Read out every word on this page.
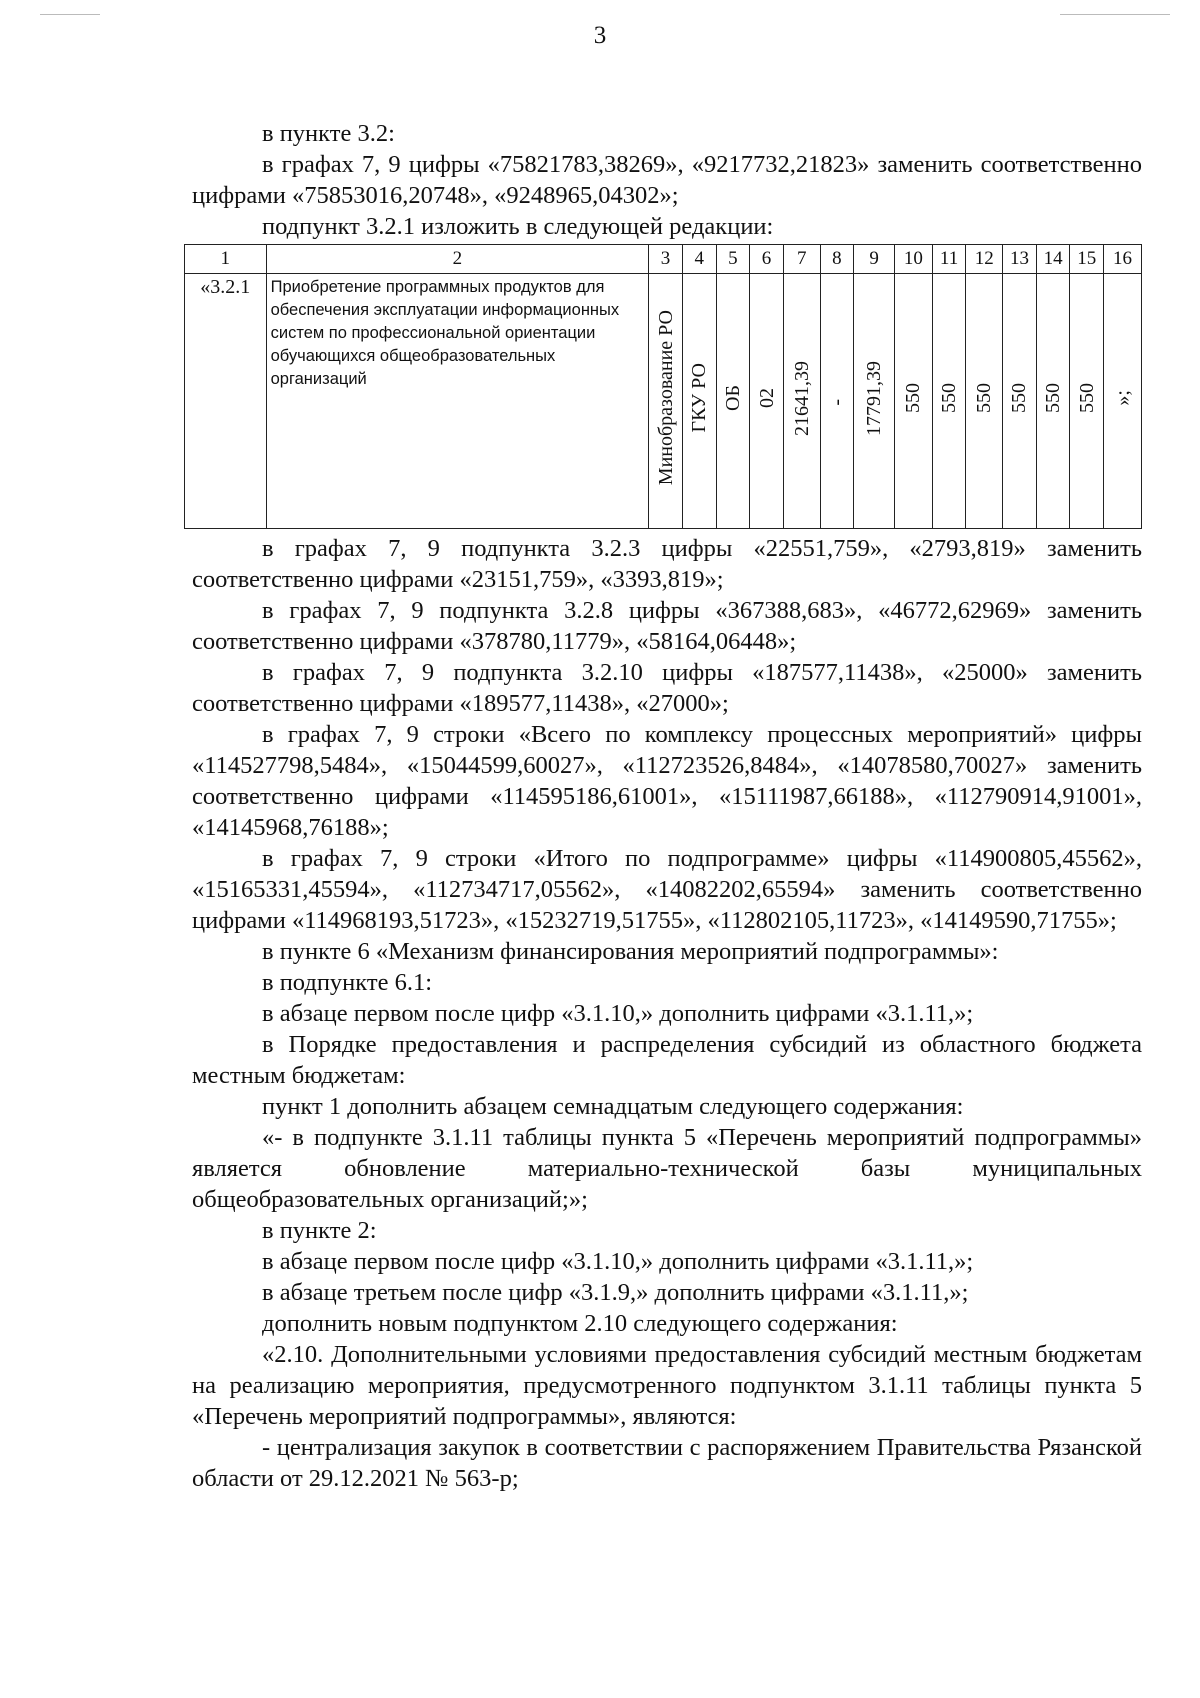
3

в пункте 3.2:

в графах 7, 9 цифры «75821783,38269», «9217732,21823» заменить соответственно цифрами «75853016,20748», «9248965,04302»;

подпункт 3.2.1 изложить в следующей редакции:

1	2	3	4	5	6	7	8	9	10	11	12	13	14	15	16
«3.2.1	Приобретение программных продуктов для обеспечения эксплуатации информационных систем по профессиональной ориентации обучающихся общеобразовательных организаций	Минобразование РО	ГКУ РО	ОБ	02	21641,39	-	17791,39	550	550	550	550	550	550	»;

в графах 7, 9 подпункта 3.2.3 цифры «22551,759», «2793,819» заменить соответственно цифрами «23151,759», «3393,819»;

в графах 7, 9 подпункта 3.2.8 цифры «367388,683», «46772,62969» заменить соответственно цифрами «378780,11779», «58164,06448»;

в графах 7, 9 подпункта 3.2.10 цифры «187577,11438», «25000» заменить соответственно цифрами «189577,11438», «27000»;

в графах 7, 9 строки «Всего по комплексу процессных мероприятий» цифры «114527798,5484», «15044599,60027», «112723526,8484», «14078580,70027» заменить соответственно цифрами «114595186,61001», «15111987,66188», «112790914,91001», «14145968,76188»;

в графах 7, 9 строки «Итого по подпрограмме» цифры «114900805,45562», «15165331,45594», «112734717,05562», «14082202,65594» заменить соответственно цифрами «114968193,51723», «15232719,51755», «112802105,11723», «14149590,71755»;

в пункте 6 «Механизм финансирования мероприятий подпрограммы»:

в подпункте 6.1:

в абзаце первом после цифр «3.1.10,» дополнить цифрами «3.1.11,»;

в Порядке предоставления и распределения субсидий из областного бюджета местным бюджетам:

пункт 1 дополнить абзацем семнадцатым следующего содержания:

«- в подпункте 3.1.11 таблицы пункта 5 «Перечень мероприятий подпрограммы» является обновление материально-технической базы муниципальных общеобразовательных организаций;»;

в пункте 2:

в абзаце первом после цифр «3.1.10,» дополнить цифрами «3.1.11,»;

в абзаце третьем после цифр «3.1.9,» дополнить цифрами «3.1.11,»;

дополнить новым подпунктом 2.10 следующего содержания:

«2.10. Дополнительными условиями предоставления субсидий местным бюджетам на реализацию мероприятия, предусмотренного подпунктом 3.1.11 таблицы пункта 5 «Перечень мероприятий подпрограммы», являются:

- централизация закупок в соответствии с распоряжением Правительства Рязанской области от 29.12.2021 № 563-р;
